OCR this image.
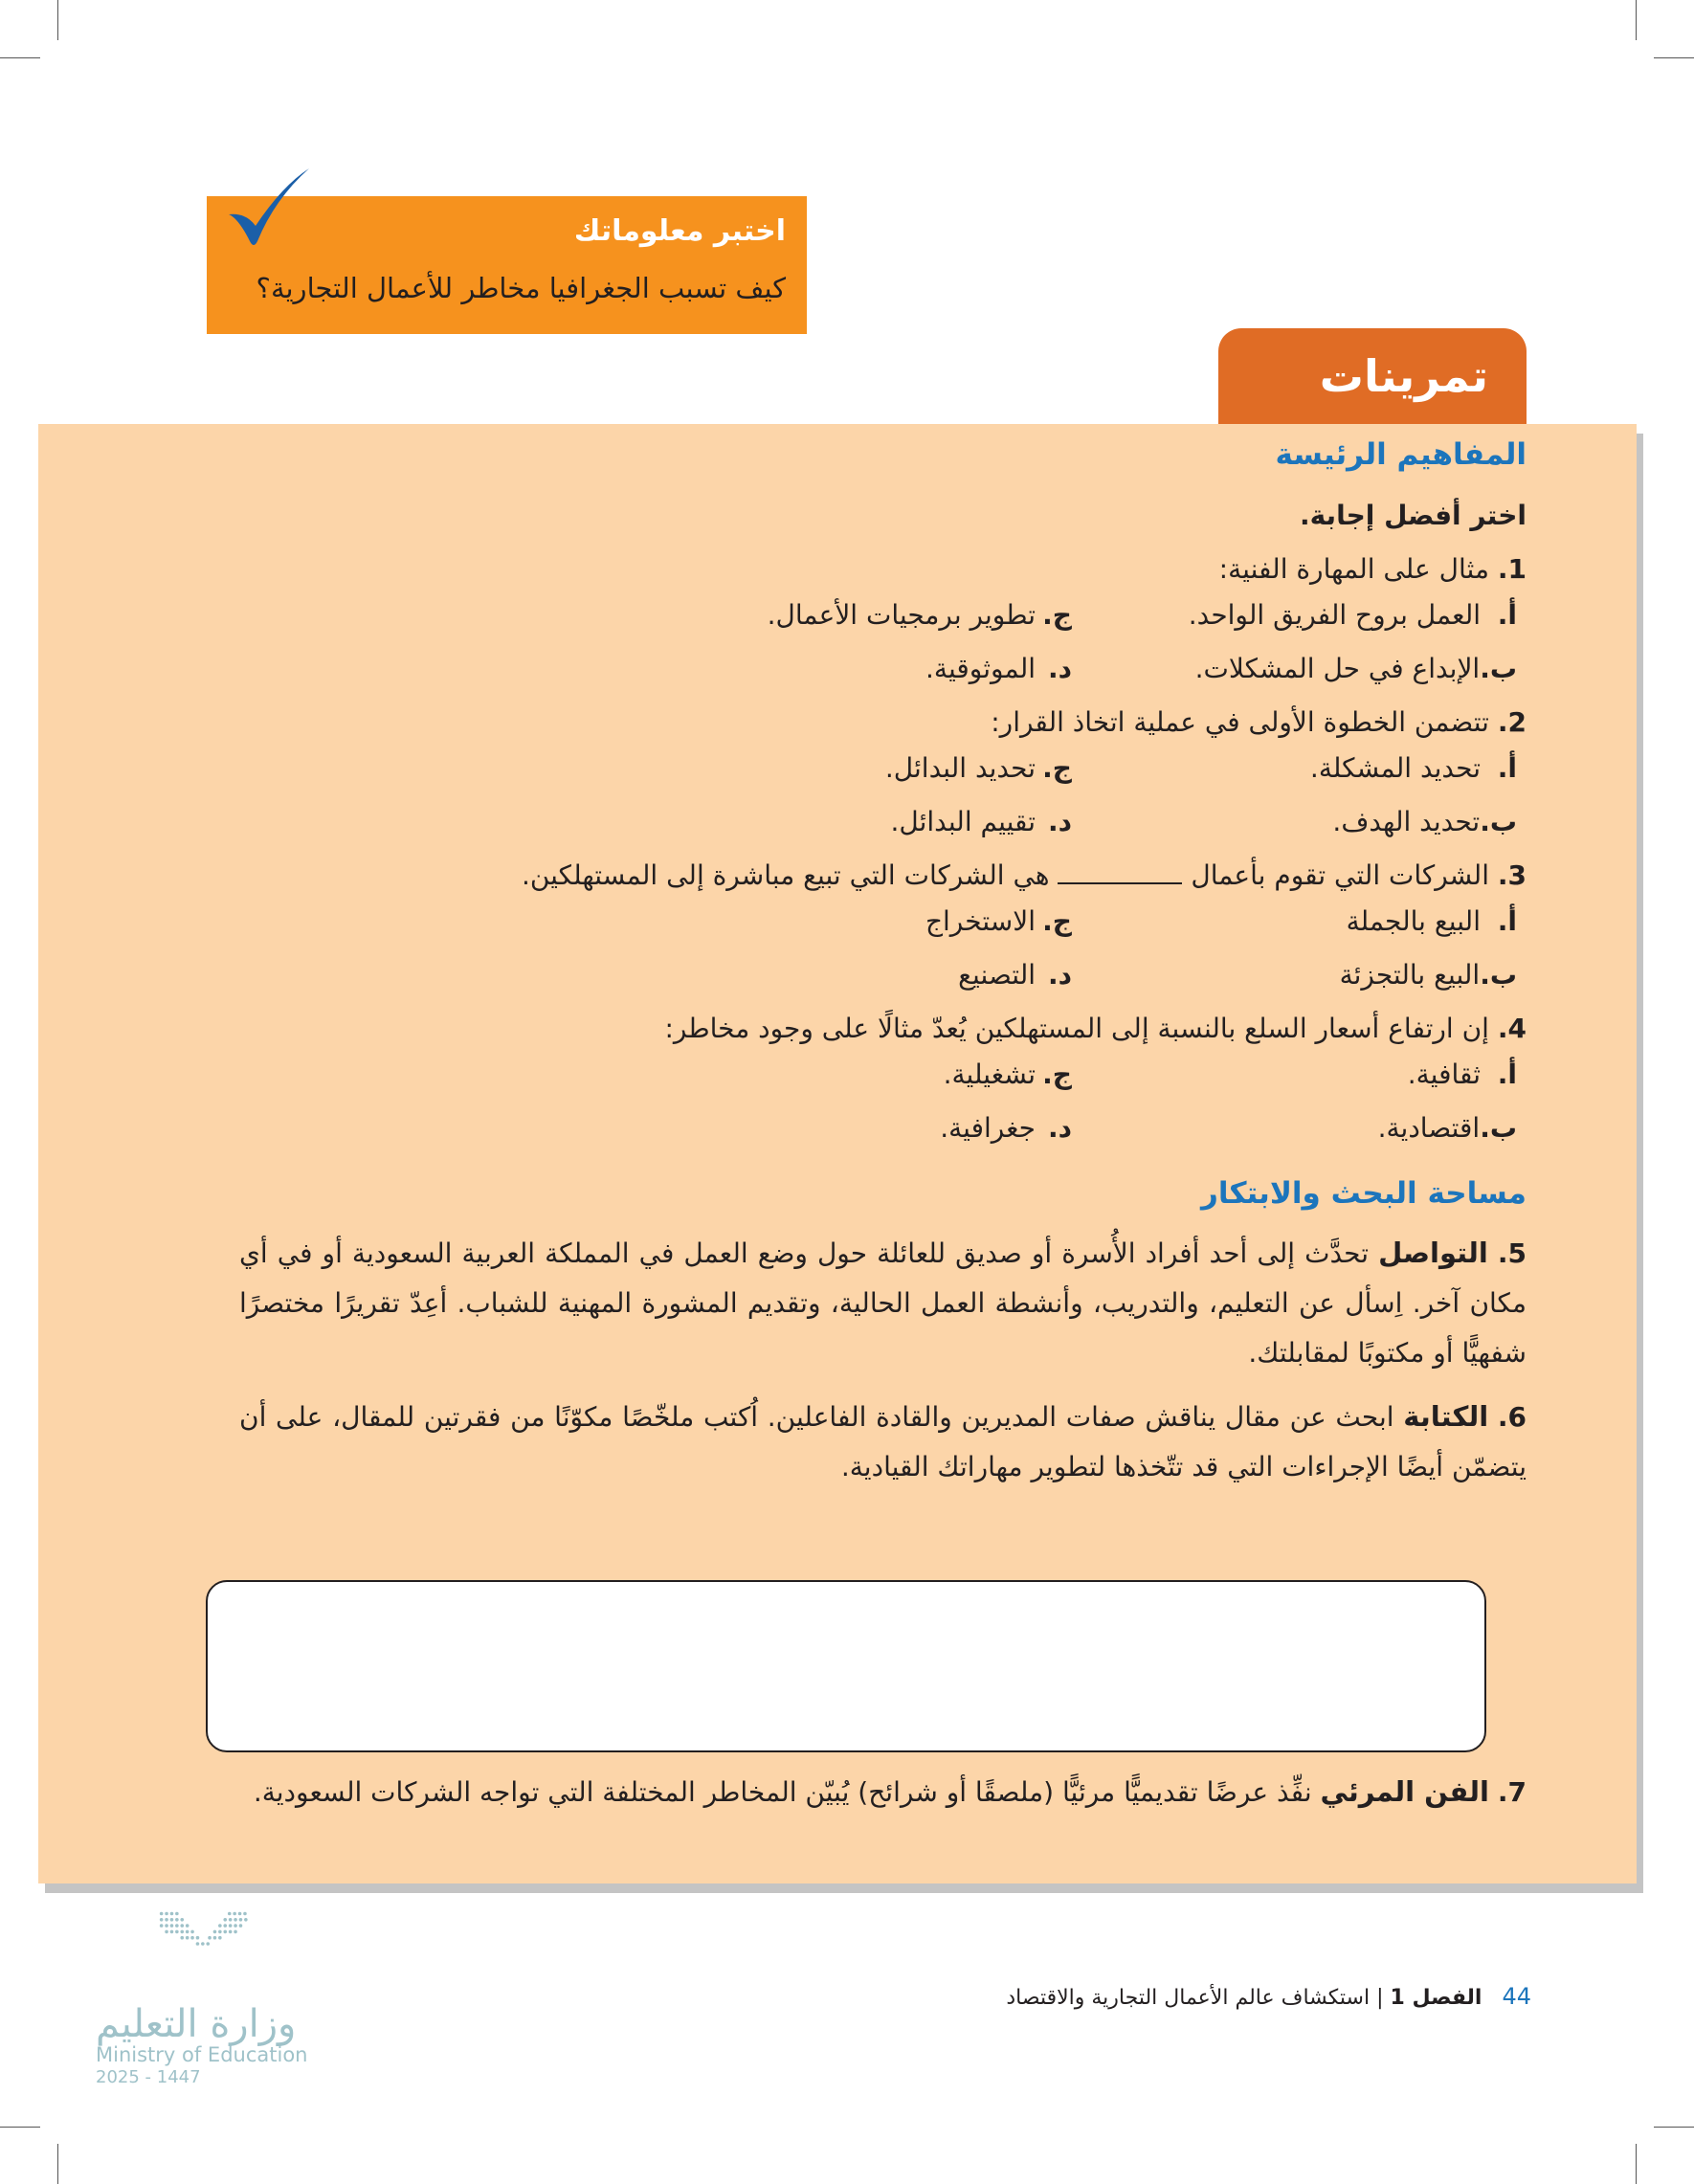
اختبر معلوماتك
كيف تسبب الجغرافيا مخاطر للأعمال التجارية؟
تمرينات
المفاهيم الرئيسة
اختر أفضل إجابة.
1. مثال على المهارة الفنية:
أ.العمل بروح الفريق الواحد.
ج.تطوير برمجيات الأعمال.
ب.الإبداع في حل المشكلات.
د.الموثوقية.
2. تتضمن الخطوة الأولى في عملية اتخاذ القرار:
أ.تحديد المشكلة.
ج.تحديد البدائل.
ب.تحديد الهدف.
د.تقييم البدائل.
3. الشركات التي تقوم بأعمال  هي الشركات التي تبيع مباشرة إلى المستهلكين.
أ.البيع بالجملة
ج.الاستخراج
ب.البيع بالتجزئة
د.التصنيع
4. إن ارتفاع أسعار السلع بالنسبة إلى المستهلكين يُعدّ مثالًا على وجود مخاطر:
أ.ثقافية.
ج.تشغيلية.
ب.اقتصادية.
د.جغرافية.
مساحة البحث والابتكار
5. التواصل تحدَّث إلى أحد أفراد الأُسرة أو صديق للعائلة حول وضع العمل في المملكة العربية السعودية أو في أي مكان آخر. اِسأل عن التعليم، والتدريب، وأنشطة العمل الحالية، وتقديم المشورة المهنية للشباب. أعِدّ تقريرًا مختصرًا شفهيًّا أو مكتوبًا لمقابلتك.
6. الكتابة ابحث عن مقال يناقش صفات المديرين والقادة الفاعلين. اُكتب ملخّصًا مكوّنًا من فقرتين للمقال، على أن يتضمّن أيضًا الإجراءات التي قد تتّخذها لتطوير مهاراتك القيادية.
7. الفن المرئي نفِّذ عرضًا تقديميًّا مرئيًّا (ملصقًا أو شرائح) يُبيّن المخاطر المختلفة التي تواجه الشركات السعودية.
44 الفصل 1 | استكشاف عالم الأعمال التجارية والاقتصاد
وزارة التعليم
Ministry of Education
2025 - 1447
